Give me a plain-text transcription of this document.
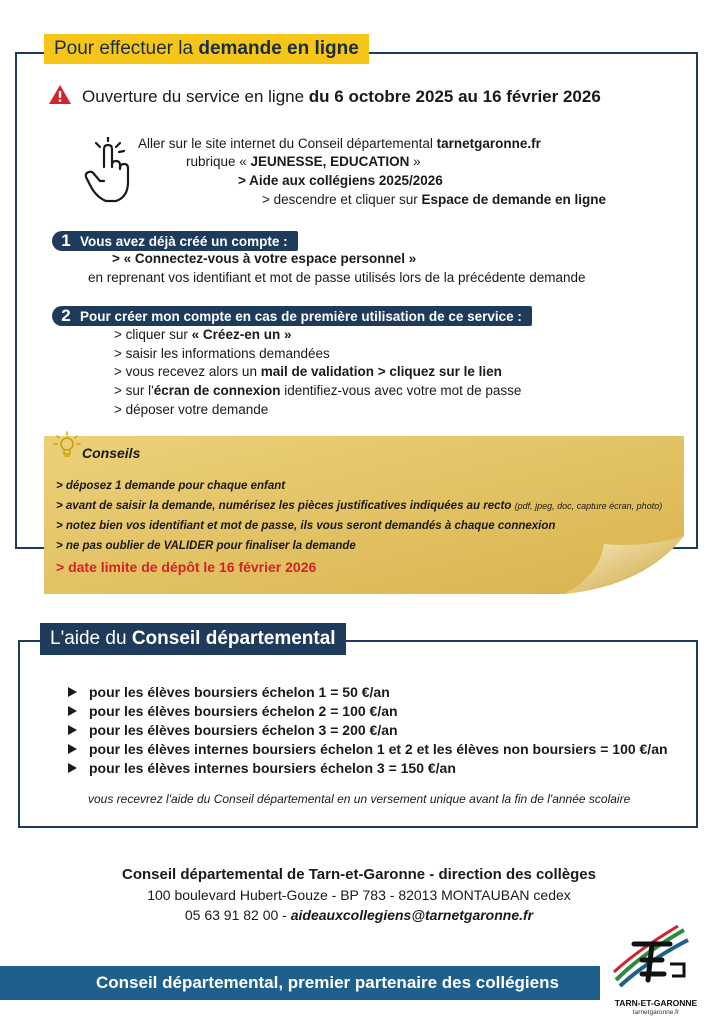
Pour effectuer la demande en ligne
Ouverture du service en ligne du 6 octobre 2025 au 16 février 2026
Aller sur le site internet du Conseil départemental tarnetgaronne.fr
rubrique « JEUNESSE, EDUCATION »
> Aide aux collégiens 2025/2026
> descendre et cliquer sur Espace de demande en ligne
1 Vous avez déjà créé un compte :
> « Connectez-vous à votre espace personnel »
en reprenant vos identifiant et mot de passe utilisés lors de la précédente demande
2 Pour créer mon compte en cas de première utilisation de ce service :
> cliquer sur « Créez-en un »
> saisir les informations demandées
> vous recevez alors un mail de validation > cliquez sur le lien
> sur l'écran de connexion identifiez-vous avec votre mot de passe
> déposer votre demande
Conseils
> déposez 1 demande pour chaque enfant
> avant de saisir la demande, numérisez les pièces justificatives indiquées au recto (pdf, jpeg, doc, capture écran, photo)
> notez bien vos identifiant et mot de passe, ils vous seront demandés à chaque connexion
> ne pas oublier de VALIDER pour finaliser la demande
> date limite de dépôt le 16 février 2026
L'aide du Conseil départemental
pour les élèves boursiers échelon 1 = 50 €/an
pour les élèves boursiers échelon 2 = 100 €/an
pour les élèves boursiers échelon 3 = 200 €/an
pour les élèves internes boursiers échelon 1 et 2 et les élèves non boursiers = 100 €/an
pour les élèves internes boursiers échelon 3 = 150 €/an
vous recevrez l'aide du Conseil départemental en un versement unique avant la fin de l'année scolaire
Conseil départemental de Tarn-et-Garonne - direction des collèges
100 boulevard Hubert-Gouze - BP 783 - 82013 MONTAUBAN cedex
05 63 91 82 00 - aideauxcollegiens@tarnetgaronne.fr
Conseil départemental, premier partenaire des collégiens
TARN-ET-GARONNE
tarnetgaronne.fr
